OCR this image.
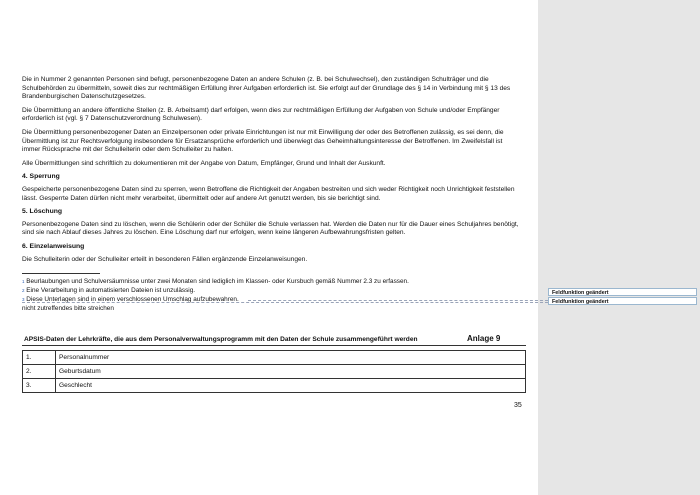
Die in Nummer 2 genannten Personen sind befugt, personenbezogene Daten an andere Schulen (z. B. bei Schulwechsel), den zuständigen Schulträger und die Schulbehörden zu übermitteln, soweit dies zur rechtmäßigen Erfüllung ihrer Aufgaben erforderlich ist. Sie erfolgt auf der Grundlage des § 14 in Verbindung mit § 13 des Brandenburgischen Datenschutzgesetzes.

Die Übermittlung an andere öffentliche Stellen (z. B. Arbeitsamt) darf erfolgen, wenn dies zur rechtmäßigen Erfüllung der Aufgaben von Schule und/oder Empfänger erforderlich ist (vgl. § 7 Datenschutzverordnung Schulwesen).

Die Übermittlung personenbezogener Daten an Einzelpersonen oder private Einrichtungen ist nur mit Einwilligung der oder des Betroffenen zulässig, es sei denn, die Übermittlung ist zur Rechtsverfolgung insbesondere für Ersatzansprüche erforderlich und überwiegt das Geheimhaltungsinteresse der Betroffenen. Im Zweifelsfall ist immer Rücksprache mit der Schulleiterin oder dem Schulleiter zu halten.

Alle Übermittlungen sind schriftlich zu dokumentieren mit der Angabe von Datum, Empfänger, Grund und Inhalt der Auskunft.

4. Sperrung

Gespeicherte personenbezogene Daten sind zu sperren, wenn Betroffene die Richtigkeit der Angaben bestreiten und sich weder Richtigkeit noch Unrichtigkeit feststellen lässt. Gesperrte Daten dürfen nicht mehr verarbeitet, übermittelt oder auf andere Art genutzt werden, bis sie berichtigt sind.

5. Löschung

Personenbezogene Daten sind zu löschen, wenn die Schülerin oder der Schüler die Schule verlassen hat. Werden die Daten nur für die Dauer eines Schuljahres benötigt, sind sie nach Ablauf dieses Jahres zu löschen. Eine Löschung darf nur erfolgen, wenn keine längeren Aufbewahrungsfristen gelten.

6. Einzelanweisung

Die Schulleiterin oder der Schulleiter erteilt in besonderen Fällen ergänzende Einzelanweisungen.

$^1$ Beurlaubungen und Schulversäumnisse unter zwei Monaten sind lediglich im Klassen- oder Kursbuch gemäß Nummer 2.3 zu erfassen.
$^2$ Eine Verarbeitung in automatisierten Dateien ist unzulässig.
$^3$ Diese Unterlagen sind in einem verschlossenen Umschlag aufzubewahren.
nicht zutreffendes bitte streichen
APSIS-Daten der Lehrkräfte, die aus dem Personalverwaltungsprogramm mit den Daten der Schule zusammengeführt werden	Anlage 9
1.	Personalnummer
2.	Geburtsdatum
3.	Geschlecht
35
Feldfunktion geändert
Feldfunktion geändert
